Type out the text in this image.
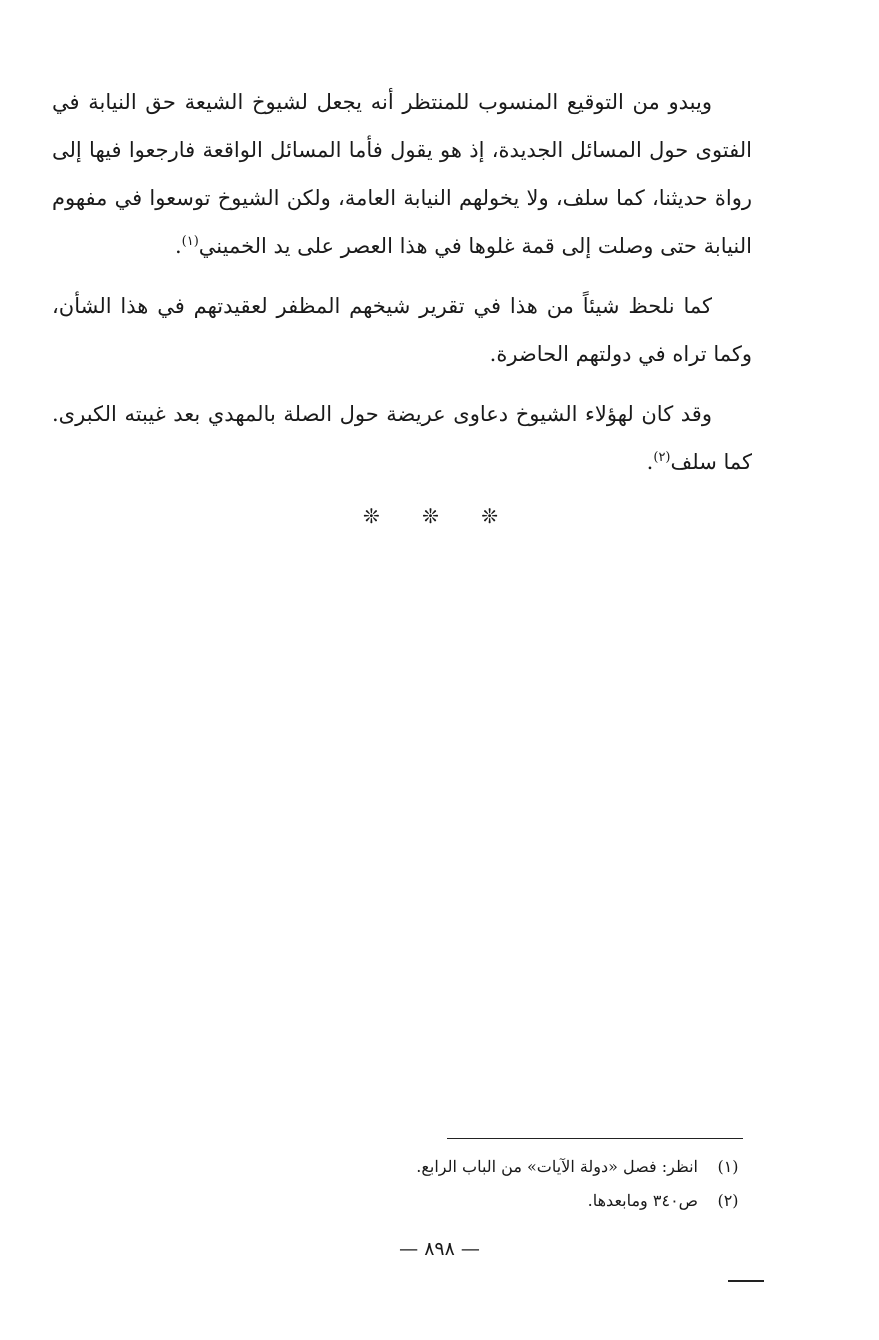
ويبدو من التوقيع المنسوب للمنتظر أنه يجعل لشيوخ الشيعة حق النيابة في الفتوى حول المسائل الجديدة، إذ هو يقول فأما المسائل الواقعة فارجعوا فيها إلى رواة حديثنا، كما سلف، ولا يخولهم النيابة العامة، ولكن الشيوخ توسعوا في مفهوم النيابة حتى وصلت إلى قمة غلوها في هذا العصر على يد الخميني$^{(١)}$.

كما نلحظ شيئاً من هذا في تقرير شيخهم المظفر لعقيدتهم في هذا الشأن، وكما تراه في دولتهم الحاضرة.

وقد كان لهؤلاء الشيوخ دعاوى عريضة حول الصلة بالمهدي بعد غيبته الكبرى. كما سلف$^{(٢)}$.

❊ ❊ ❊
(١)
انظر: فصل «دولة الآيات» من الباب الرابع.
(٢)
ص٣٤٠ ومابعدها.
— ٨٩٨ —
